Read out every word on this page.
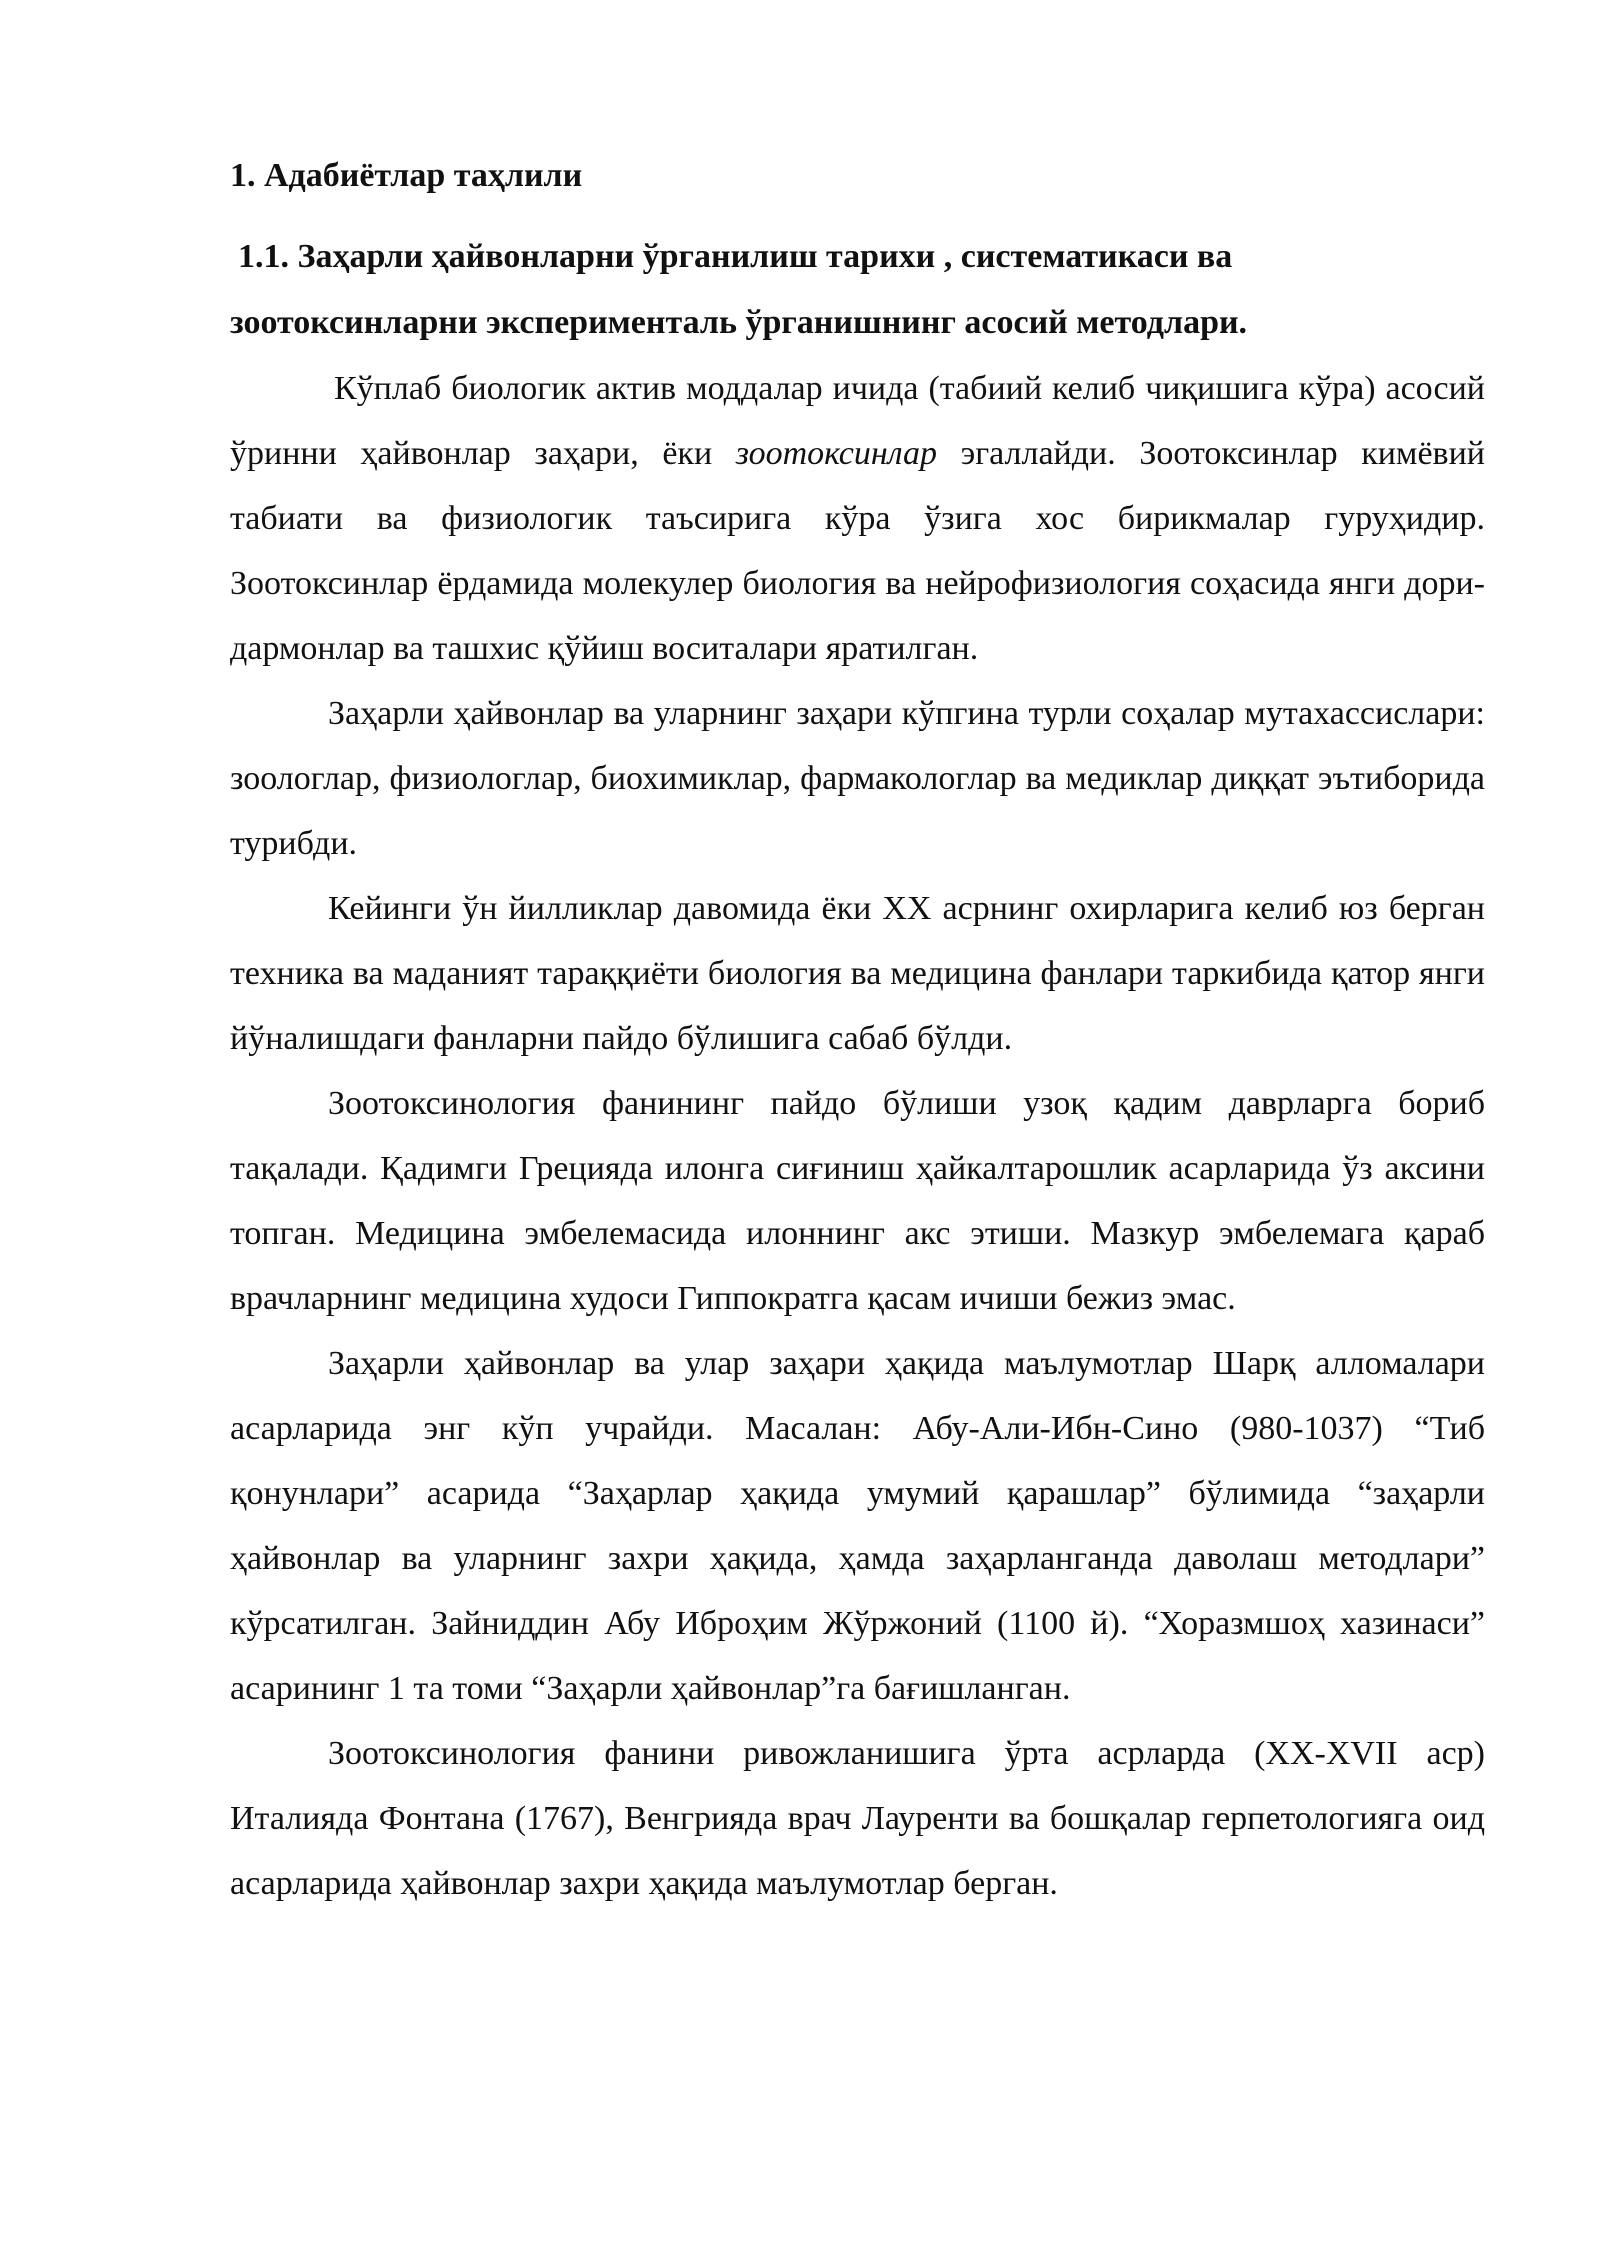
1. Адабиётлар таҳлили

1.1. Заҳарли ҳайвонларни ўрганилиш тарихи , систематикаси ва
зоотоксинларни эксперименталь ўрганишнинг асосий методлари.

Кўплаб биологик актив моддалар ичида (табиий келиб чиқишига кўра) асосий ўринни ҳайвонлар заҳари, ёки зоотоксинлар эгаллайди. Зоотоксинлар кимёвий табиати ва физиологик таъсирига кўра ўзига хос бирикмалар гуруҳидир. Зоотоксинлар ёрдамида молекулер биология ва нейрофизиология соҳасида янги дори-дармонлар ва ташхис қўйиш воситалари яратилган.

Заҳарли ҳайвонлар ва уларнинг заҳари кўпгина турли соҳалар мутахассислари: зоологлар, физиологлар, биохимиклар, фармакологлар ва медиклар диққат эътиборида турибди.

Кейинги ўн йилликлар давомида ёки XX асрнинг охирларига келиб юз берган техника ва маданият тараққиёти биология ва медицина фанлари таркибида қатор янги йўналишдаги фанларни пайдо бўлишига сабаб бўлди.

Зоотоксинология фанининг пайдо бўлиши узоқ қадим даврларга бориб тақалади. Қадимги Грецияда илонга сиғиниш ҳайкалтарошлик асарларида ўз аксини топган. Медицина эмбелемасида илоннинг акс этиши. Мазкур эмбелемага қараб врачларнинг медицина худоси Гиппократга қасам ичиши бежиз эмас.

Заҳарли ҳайвонлар ва улар заҳари ҳақида маълумотлар Шарқ алломалари асарларида энг кўп учрайди. Масалан: Абу-Али-Ибн-Сино (980-1037) “Тиб қонунлари” асарида “Заҳарлар ҳақида умумий қарашлар” бўлимида “заҳарли ҳайвонлар ва уларнинг захри ҳақида, ҳамда заҳарланганда даволаш методлари” кўрсатилган. Зайниддин Абу Иброҳим Жўржоний (1100 й). “Хоразмшоҳ хазинаси” асарининг 1 та томи “Заҳарли ҳайвонлар”га бағишланган.

Зоотоксинология фанини ривожланишига ўрта асрларда (XX-XVII аср) Италияда Фонтана (1767), Венгрияда врач Лауренти ва бошқалар герпетологияга оид асарларида ҳайвонлар захри ҳақида маълумотлар берган.
